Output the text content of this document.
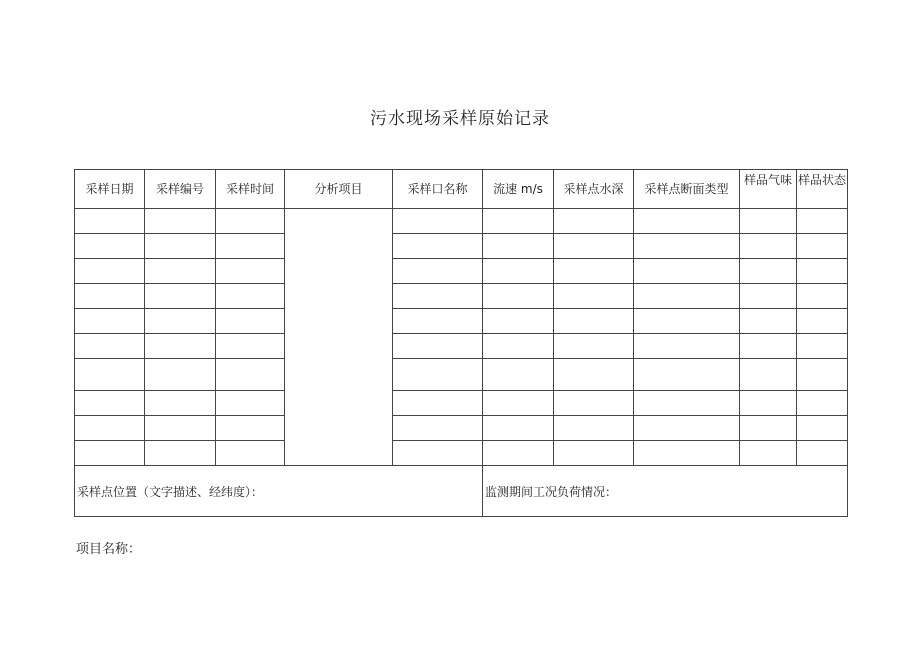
污水现场采样原始记录
采样日期	采样编号	采样时间	分析项目	采样口名称	流速 m/s	采样点水深	采样点断面类型	样品气味	样品状态

采样点位置（文字描述、经纬度）：					监测期间工况负荷情况：				
项目名称：
